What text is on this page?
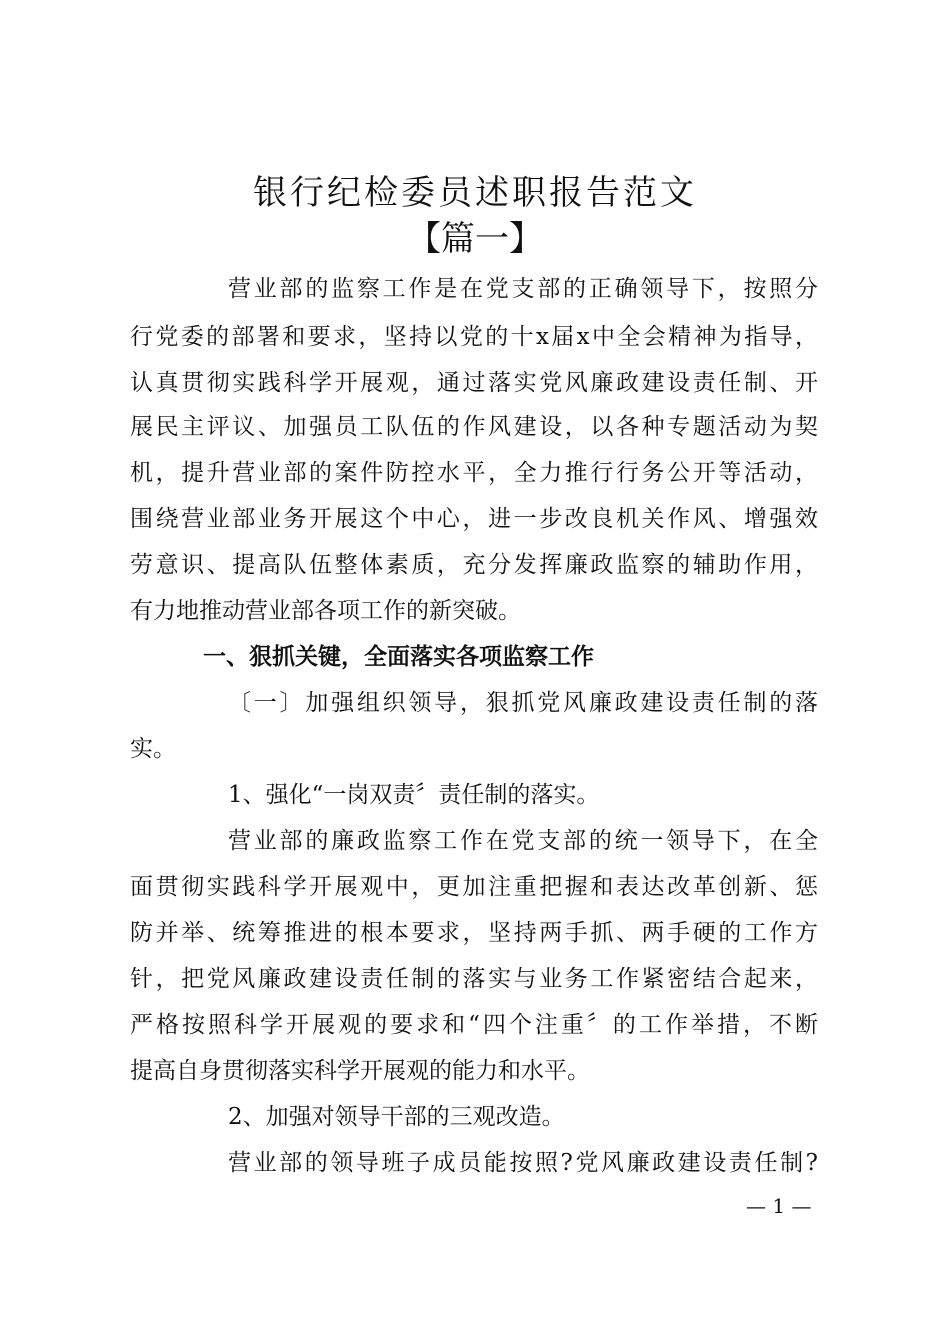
银行纪检委员述职报告范文
【篇一】
营业部的监察工作是在党支部的正确领导下，按照分
行党委的部署和要求，坚持以党的十x届x中全会精神为指导，
认真贯彻实践科学开展观，通过落实党风廉政建设责任制、开
展民主评议、加强员工队伍的作风建设，以各种专题活动为契
机，提升营业部的案件防控水平，全力推行行务公开等活动，
围绕营业部业务开展这个中心，进一步改良机关作风、增强效
劳意识、提高队伍整体素质，充分发挥廉政监察的辅助作用，
有力地推动营业部各项工作的新突破。
一、狠抓关键，全面落实各项监察工作
〔一〕加强组织领导，狠抓党风廉政建设责任制的落
实。
1、强化“一岗双责〞责任制的落实。
营业部的廉政监察工作在党支部的统一领导下，在全
面贯彻实践科学开展观中，更加注重把握和表达改革创新、惩
防并举、统筹推进的根本要求，坚持两手抓、两手硬的工作方
针，把党风廉政建设责任制的落实与业务工作紧密结合起来，
严格按照科学开展观的要求和“四个注重〞的工作举措，不断
提高自身贯彻落实科学开展观的能力和水平。
2、加强对领导干部的三观改造。
营业部的领导班子成员能按照?党风廉政建设责任制?
— 1 —
